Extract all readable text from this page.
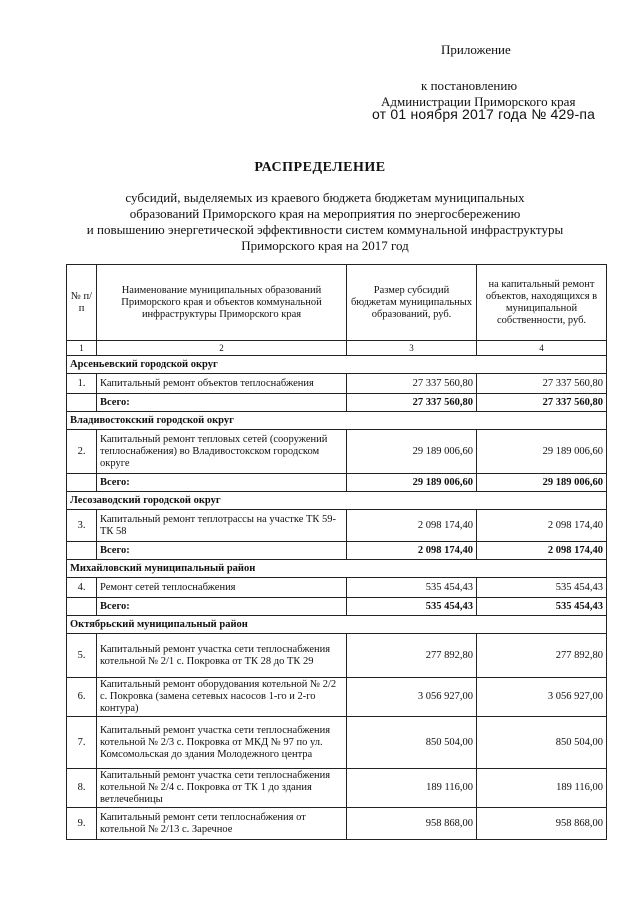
Приложение
к постановлению
Администрации Приморского края
от 01 ноября 2017 года № 429-па
РАСПРЕДЕЛЕНИЕ
субсидий, выделяемых из краевого бюджета бюджетам муниципальных
образований Приморского края на мероприятия по энергосбережению
и повышению энергетической эффективности систем коммунальной инфраструктуры
Приморского края на 2017 год
№ п/п	Наименование муниципальных образований Приморского края и объектов коммунальной инфраструктуры Приморского края	Размер субсидий бюджетам муниципальных образований, руб.	на капитальный ремонт объектов, находящихся в муниципальной собственности, руб.
1	2	3	4
Арсеньевский городской округ			
1.	Капитальный ремонт объектов теплоснабжения	27 337 560,80	27 337 560,80
	Всего:	27 337 560,80	27 337 560,80
Владивостокский городской округ			
2.	Капитальный ремонт тепловых сетей (сооружений теплоснабжения) во Владивостокском городском округе	29 189 006,60	29 189 006,60
	Всего:	29 189 006,60	29 189 006,60
Лесозаводский городской округ			
3.	Капитальный ремонт теплотрассы на участке ТК 59-ТК 58	2 098 174,40	2 098 174,40
	Всего:	2 098 174,40	2 098 174,40
Михайловский муниципальный район			
4.	Ремонт сетей теплоснабжения	535 454,43	535 454,43
	Всего:	535 454,43	535 454,43
Октябрьский муниципальный район			
5.	Капитальный ремонт участка сети теплоснабжения котельной № 2/1 с. Покровка от ТК 28 до ТК 29	277 892,80	277 892,80
6.	Капитальный ремонт оборудования котельной № 2/2 с. Покровка (замена сетевых насосов 1-го и 2-го контура)	3 056 927,00	3 056 927,00
7.	Капитальный ремонт участка сети теплоснабжения котельной № 2/3 с. Покровка от МКД № 97 по ул. Комсомольская до здания Молодежного центра	850 504,00	850 504,00
8.	Капитальный ремонт участка сети теплоснабжения котельной № 2/4 с. Покровка от ТК 1 до здания ветлечебницы	189 116,00	189 116,00
9.	Капитальный ремонт сети теплоснабжения от котельной № 2/13 с. Заречное	958 868,00	958 868,00
